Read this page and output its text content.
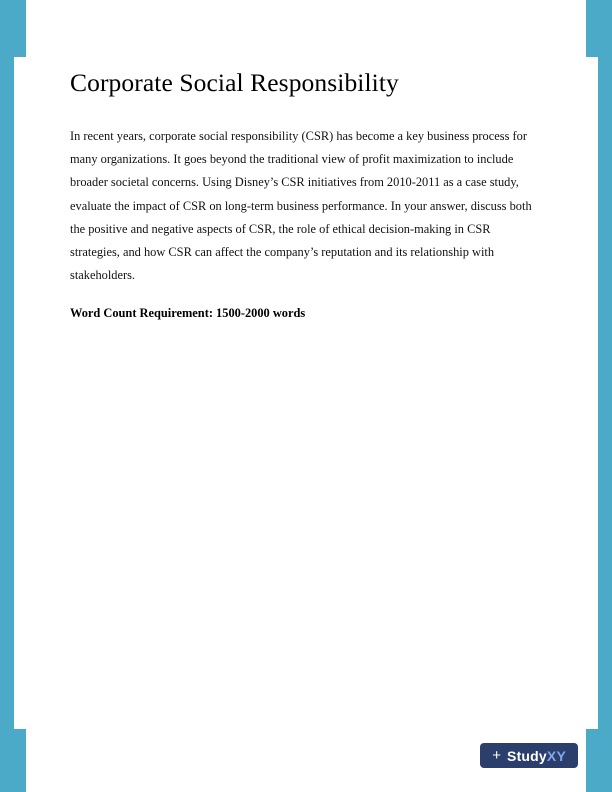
Corporate Social Responsibility

In recent years, corporate social responsibility (CSR) has become a key business process for many organizations. It goes beyond the traditional view of profit maximization to include broader societal concerns. Using Disney’s CSR initiatives from 2010-2011 as a case study, evaluate the impact of CSR on long-term business performance. In your answer, discuss both the positive and negative aspects of CSR, the role of ethical decision-making in CSR strategies, and how CSR can affect the company’s reputation and its relationship with stakeholders.

Word Count Requirement: 1500-2000 words

+ StudyXY
